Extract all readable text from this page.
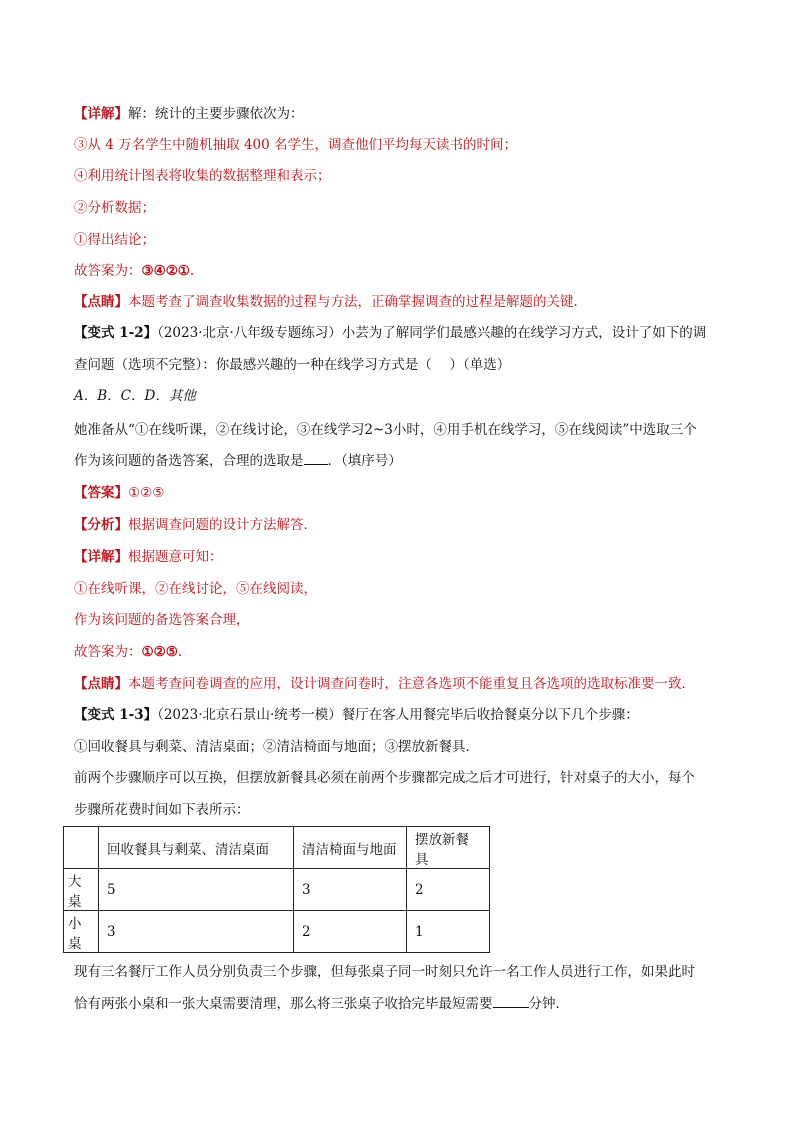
【详解】解：统计的主要步骤依次为：
③从 4 万名学生中随机抽取 400 名学生，调查他们平均每天读书的时间；
④利用统计图表将收集的数据整理和表示；
②分析数据；
①得出结论；
故答案为：③④②①.
【点睛】本题考查了调查收集数据的过程与方法，正确掌握调查的过程是解题的关键．
【变式 1-2】（2023·北京·八年级专题练习）小芸为了解同学们最感兴趣的在线学习方式，设计了如下的调
查问题（选项不完整）：你最感兴趣的一种在线学习方式是（　 ）（单选）
A．B．C．D．其他
她准备从“①在线听课，②在线讨论，③在线学习2~3小时，④用手机在线学习，⑤在线阅读”中选取三个
作为该问题的备选答案，合理的选取是 ．（填序号）
【答案】①②⑤
【分析】根据调查问题的设计方法解答．
【详解】根据题意可知：
①在线听课，②在线讨论，⑤在线阅读，
作为该问题的备选答案合理，
故答案为：①②⑤.
【点睛】本题考查问卷调查的应用，设计调查问卷时，注意各选项不能重复且各选项的选取标准要一致．
【变式 1-3】（2023·北京石景山·统考一模）餐厅在客人用餐完毕后收拾餐桌分以下几个步骤：
①回收餐具与剩菜、清洁桌面；②清洁椅面与地面；③摆放新餐具．
前两个步骤顺序可以互换，但摆放新餐具必须在前两个步骤都完成之后才可进行，针对桌子的大小，每个
步骤所花费时间如下表所示：
	回收餐具与剩菜、清洁桌面	清洁椅面与地面	摆放新餐具
大桌	5	3	2
小桌	3	2	1
现有三名餐厅工作人员分别负责三个步骤，但每张桌子同一时刻只允许一名工作人员进行工作，如果此时
恰有两张小桌和一张大桌需要清理，那么将三张桌子收拾完毕最短需要	分钟．
